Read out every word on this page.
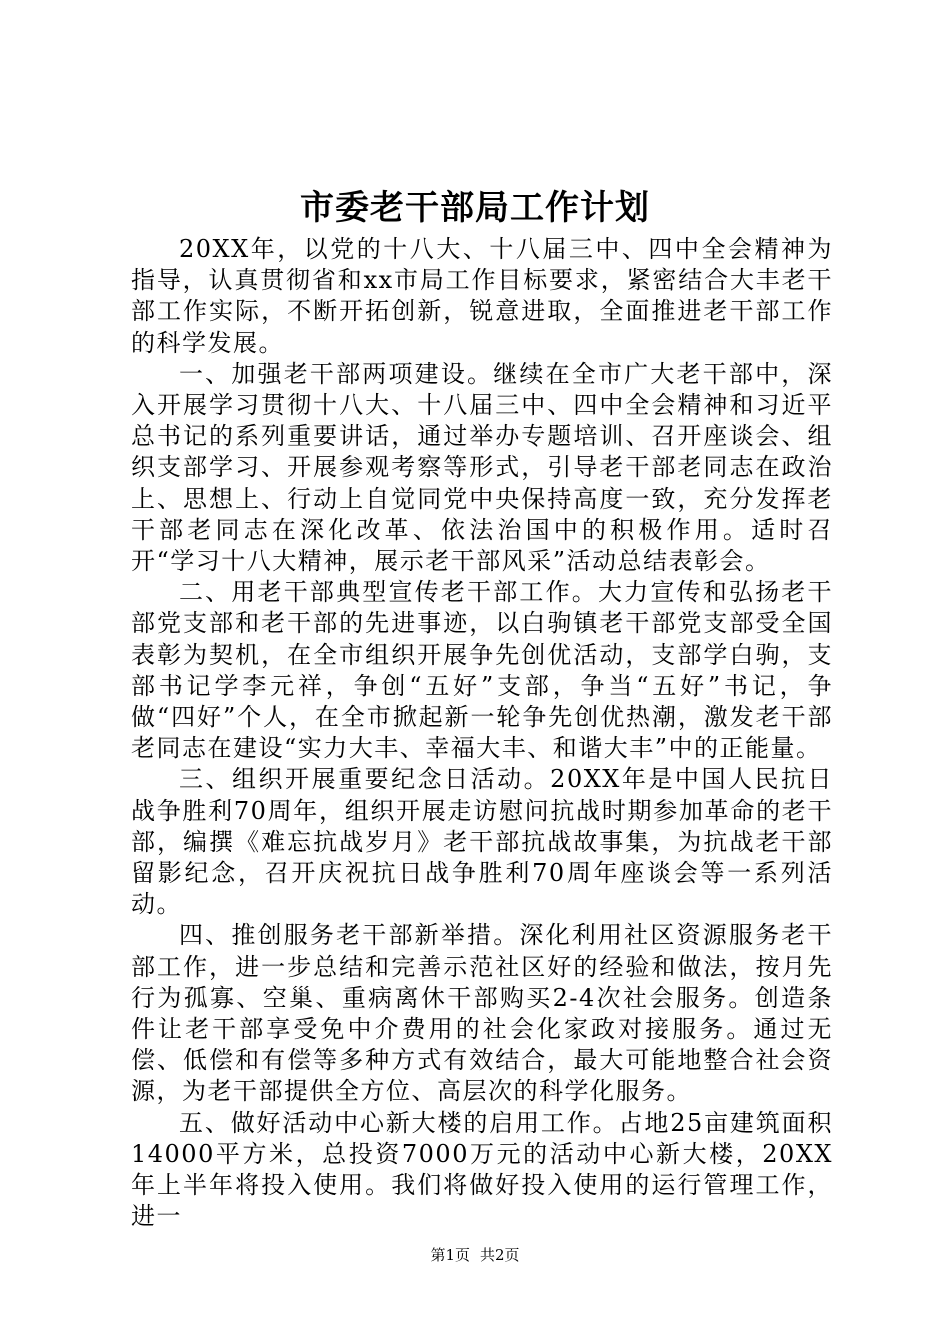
市委老干部局工作计划

20XX年，以党的十八大、十八届三中、四中全会精神为指导，认真贯彻省和xx市局工作目标要求，紧密结合大丰老干部工作实际，不断开拓创新，锐意进取，全面推进老干部工作的科学发展。

一、加强老干部两项建设。继续在全市广大老干部中，深入开展学习贯彻十八大、十八届三中、四中全会精神和习近平总书记的系列重要讲话，通过举办专题培训、召开座谈会、组织支部学习、开展参观考察等形式，引导老干部老同志在政治上、思想上、行动上自觉同党中央保持高度一致，充分发挥老干部老同志在深化改革、依法治国中的积极作用。适时召开“学习十八大精神，展示老干部风采”活动总结表彰会。

二、用老干部典型宣传老干部工作。大力宣传和弘扬老干部党支部和老干部的先进事迹，以白驹镇老干部党支部受全国表彰为契机，在全市组织开展争先创优活动，支部学白驹，支部书记学李元祥，争创“五好”支部，争当“五好”书记，争做“四好”个人，在全市掀起新一轮争先创优热潮，激发老干部老同志在建设“实力大丰、幸福大丰、和谐大丰”中的正能量。

三、组织开展重要纪念日活动。20XX年是中国人民抗日战争胜利70周年，组织开展走访慰问抗战时期参加革命的老干部，编撰《难忘抗战岁月》老干部抗战故事集，为抗战老干部留影纪念，召开庆祝抗日战争胜利70周年座谈会等一系列活动。

四、推创服务老干部新举措。深化利用社区资源服务老干部工作，进一步总结和完善示范社区好的经验和做法，按月先行为孤寡、空巢、重病离休干部购买2-4次社会服务。创造条件让老干部享受免中介费用的社会化家政对接服务。通过无偿、低偿和有偿等多种方式有效结合，最大可能地整合社会资源，为老干部提供全方位、高层次的科学化服务。

五、做好活动中心新大楼的启用工作。占地25亩建筑面积14000平方米，总投资7000万元的活动中心新大楼，20XX年上半年将投入使用。我们将做好投入使用的运行管理工作，进一

第1页 共2页
